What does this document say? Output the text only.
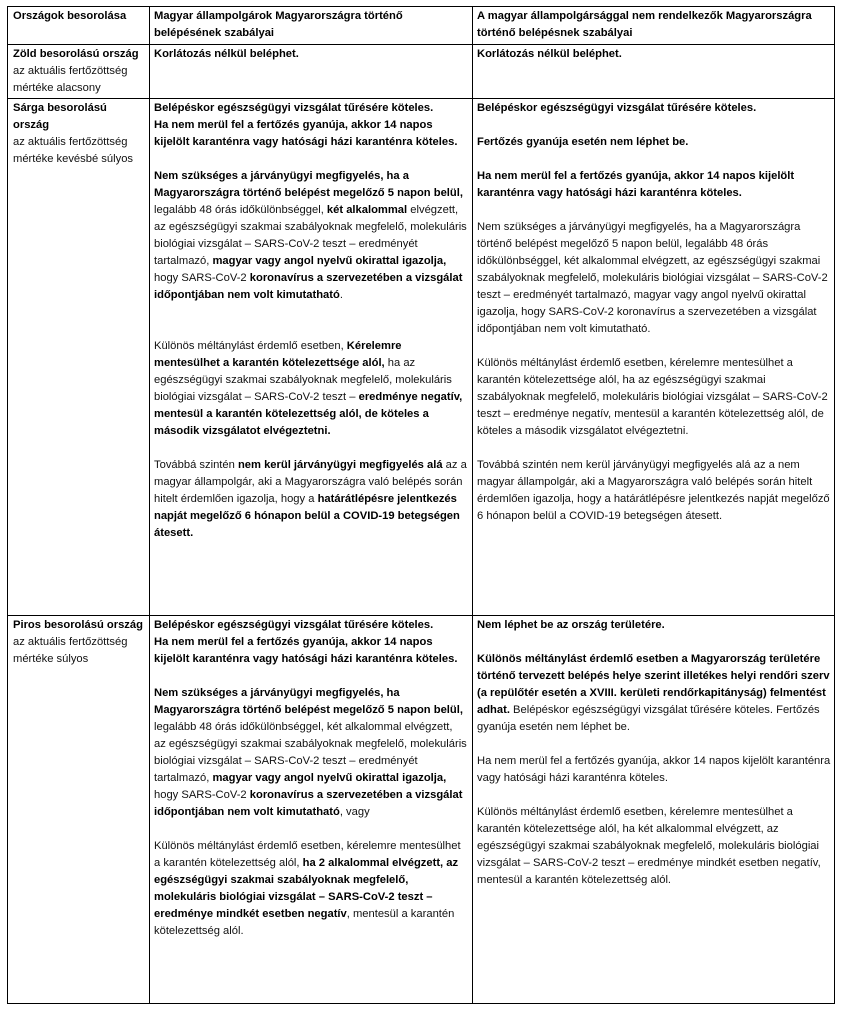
Országok besorolása	Magyar állampolgárok Magyarországra történő belépésének szabályai
A magyar állampolgársággal nem rendelkezők Magyarországra történő belépésnek szabályai
Zöld besorolású ország
az aktuális fertőzöttség mértéke alacsony
Korlátozás nélkül beléphet.	Korlátozás nélkül beléphet.
Sárga besorolású ország
az aktuális fertőzöttség mértéke kevésbé súlyos
Belépéskor egészségügyi vizsgálat tűrésére köteles.
Ha nem merül fel a fertőzés gyanúja, akkor 14 napos kijelölt karanténra vagy hatósági házi karanténra köteles.
Nem szükséges a járványügyi megfigyelés, ha a Magyarországra történő belépést megelőző 5 napon belül, legalább 48 órás időkülönbséggel, két alkalommal elvégzett, az egészségügyi szakmai szabályoknak megfelelő, molekuláris biológiai vizsgálat – SARS-CoV-2 teszt – eredményét tartalmazó, magyar vagy angol nyelvű okirattal igazolja, hogy SARS-CoV-2 koronavírus a szervezetében a vizsgálat időpontjában nem volt kimutatható.
Különös méltánylást érdemlő esetben, Kérelemre mentesülhet a karantén kötelezettsége alól, ha az egészségügyi szakmai szabályoknak megfelelő, molekuláris biológiai vizsgálat – SARS-CoV-2 teszt – eredménye negatív, mentesül a karantén kötelezettség alól, de köteles a második vizsgálatot elvégeztetni.
Továbbá szintén nem kerül járványügyi megfigyelés alá az a magyar állampolgár, aki a Magyarországra való belépés során hitelt érdemlően igazolja, hogy a határátlépésre jelentkezés napját megelőző 6 hónapon belül a COVID-19 betegségen átesett.
Belépéskor egészségügyi vizsgálat tűrésére köteles.
Fertőzés gyanúja esetén nem léphet be.
Ha nem merül fel a fertőzés gyanúja, akkor 14 napos kijelölt karanténra vagy hatósági házi karanténra köteles.
Nem szükséges a járványügyi megfigyelés, ha a Magyarországra történő belépést megelőző 5 napon belül, legalább 48 órás időkülönbséggel, két alkalommal elvégzett, az egészségügyi szakmai szabályoknak megfelelő, molekuláris biológiai vizsgálat – SARS-CoV-2 teszt – eredményét tartalmazó, magyar vagy angol nyelvű okirattal igazolja, hogy SARS-CoV-2 koronavírus a szervezetében a vizsgálat időpontjában nem volt kimutatható.
Különös méltánylást érdemlő esetben, kérelemre mentesülhet a karantén kötelezettsége alól, ha az egészségügyi szakmai szabályoknak megfelelő, molekuláris biológiai vizsgálat – SARS-CoV-2 teszt – eredménye negatív, mentesül a karantén kötelezettség alól, de köteles a második vizsgálatot elvégeztetni.
Továbbá szintén nem kerül járványügyi megfigyelés alá az a nem magyar állampolgár, aki a Magyarországra való belépés során hitelt érdemlően igazolja, hogy a határátlépésre jelentkezés napját megelőző 6 hónapon belül a COVID-19 betegségen átesett.
Piros besorolású ország
az aktuális fertőzöttség mértéke súlyos
Belépéskor egészségügyi vizsgálat tűrésére köteles.
Ha nem merül fel a fertőzés gyanúja, akkor 14 napos kijelölt karanténra vagy hatósági házi karanténra köteles.
Nem szükséges a járványügyi megfigyelés, ha Magyarországra történő belépést megelőző 5 napon belül, legalább 48 órás időkülönbséggel, két alkalommal elvégzett, az egészségügyi szakmai szabályoknak megfelelő, molekuláris biológiai vizsgálat – SARS-CoV-2 teszt – eredményét tartalmazó, magyar vagy angol nyelvű okirattal igazolja, hogy SARS-CoV-2 koronavírus a szervezetében a vizsgálat időpontjában nem volt kimutatható, vagy
Különös méltánylást érdemlő esetben, kérelemre mentesülhet a karantén kötelezettség alól, ha 2 alkalommal elvégzett, az egészségügyi szakmai szabályoknak megfelelő, molekuláris biológiai vizsgálat – SARS-CoV-2 teszt – eredménye mindkét esetben negatív, mentesül a karantén kötelezettség alól.
Nem léphet be az ország területére.
Különös méltánylást érdemlő esetben a Magyarország területére történő tervezett belépés helye szerint illetékes helyi rendőri szerv (a repülőtér esetén a XVIII. kerületi rendőrkapitányság) felmentést adhat. Belépéskor egészségügyi vizsgálat tűrésére köteles. Fertőzés gyanúja esetén nem léphet be.
Ha nem merül fel a fertőzés gyanúja, akkor 14 napos kijelölt karanténra vagy hatósági házi karanténra köteles.
Különös méltánylást érdemlő esetben, kérelemre mentesülhet a karantén kötelezettsége alól, ha két alkalommal elvégzett, az egészségügyi szakmai szabályoknak megfelelő, molekuláris biológiai vizsgálat – SARS-CoV-2 teszt – eredménye mindkét esetben negatív, mentesül a karantén kötelezettség alól.
